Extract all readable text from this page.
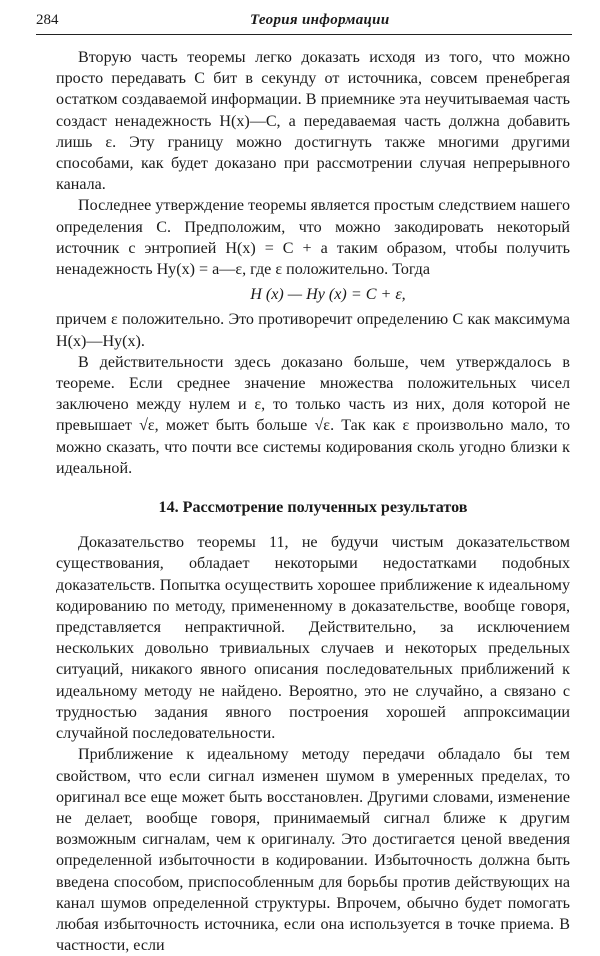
284	Теория информации

Вторую часть теоремы легко доказать исходя из того, что можно просто передавать C бит в секунду от источника, совсем пренебрегая остатком создаваемой информации. В приемнике эта неучитываемая часть создаст ненадежность H(x)—C, а передаваемая часть должна добавить лишь ε. Эту границу можно достигнуть также многими другими способами, как будет доказано при рассмотрении случая непрерывного канала.

Последнее утверждение теоремы является простым следствием нашего определения C. Предположим, что можно закодировать некоторый источник с энтропией H(x) = C + a таким образом, чтобы получить ненадежность Hy(x) = a—ε, где ε положительно. Тогда

H (x) — Hy (x) = C + ε,

причем ε положительно. Это противоречит определению C как максимума H(x)—Hy(x).

В действительности здесь доказано больше, чем утверждалось в теореме. Если среднее значение множества положительных чисел заключено между нулем и ε, то только часть из них, доля которой не превышает √ε, может быть больше √ε. Так как ε произвольно мало, то можно сказать, что почти все системы кодирования сколь угодно близки к идеальной.

14. Рассмотрение полученных результатов

Доказательство теоремы 11, не будучи чистым доказательством существования, обладает некоторыми недостатками подобных доказательств. Попытка осуществить хорошее приближение к идеальному кодированию по методу, примененному в доказательстве, вообще говоря, представляется непрактичной. Действительно, за исключением нескольких довольно тривиальных случаев и некоторых предельных ситуаций, никакого явного описания последовательных приближений к идеальному методу не найдено. Вероятно, это не случайно, а связано с трудностью задания явного построения хорошей аппроксимации случайной последовательности.

Приближение к идеальному методу передачи обладало бы тем свойством, что если сигнал изменен шумом в умеренных пределах, то оригинал все еще может быть восстановлен. Другими словами, изменение не делает, вообще говоря, принимаемый сигнал ближе к другим возможным сигналам, чем к оригиналу. Это достигается ценой введения определенной избыточности в кодировании. Избыточность должна быть введена способом, приспособленным для борьбы против действующих на канал шумов определенной структуры. Впрочем, обычно будет помогать любая избыточность источника, если она используется в точке приема. В частности, если
